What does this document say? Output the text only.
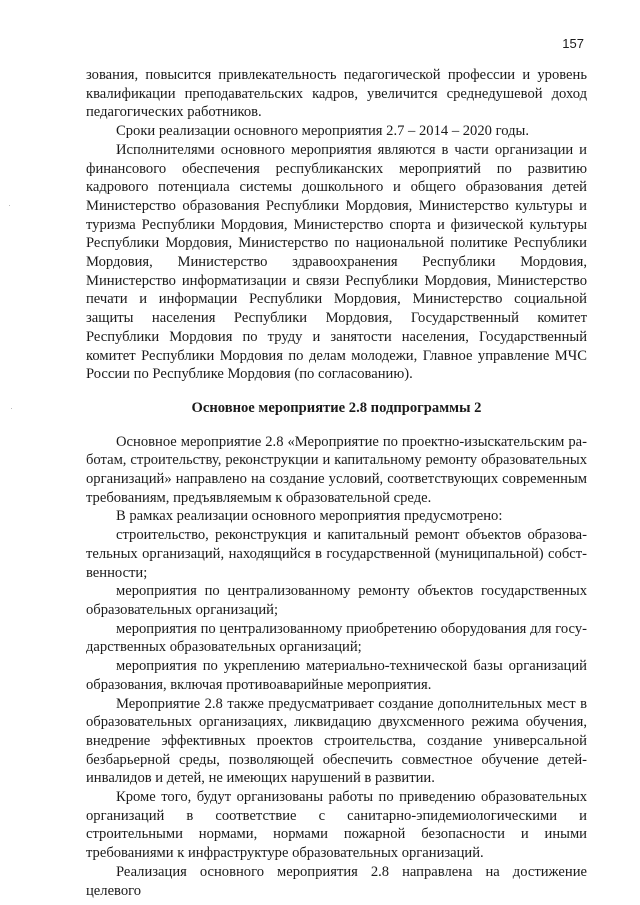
157

зования, повысится привлекательность педагогической профессии и уровень квалификации преподавательских кадров, увеличится среднедушевой доход педагогических работников.

Сроки реализации основного мероприятия 2.7 – 2014 – 2020 годы.

Исполнителями основного мероприятия являются в части организации и финансового обеспечения республиканских мероприятий по развитию кадрового потенциала системы дошкольного и общего образования детей Министерство образования Республики Мордовия, Министерство культуры и туризма Республики Мордовия, Министерство спорта и физической культуры Республики Мордовия, Министерство по национальной политике Республики Мордовия, Министерство здравоохранения Республики Мордовия, Министерство информатизации и связи Республики Мордовия, Министерство печати и информации Республики Мордовия, Министерство социальной защиты населения Республики Мордовия, Государственный комитет Республики Мордовия по труду и занятости населения, Государственный комитет Республики Мордовия по делам молодежи, Главное управление МЧС России по Республике Мордовия (по согласованию).

Основное мероприятие 2.8 подпрограммы 2

Основное мероприятие 2.8 «Мероприятие по проектно-изыскательским работам, строительству, реконструкции и капитальному ремонту образовательных организаций» направлено на создание условий, соответствующих современным требованиям, предъявляемым к образовательной среде.

В рамках реализации основного мероприятия предусмотрено:

строительство, реконструкция и капитальный ремонт объектов образовательных организаций, находящийся в государственной (муниципальной) собственности;

мероприятия по централизованному ремонту объектов государственных образовательных организаций;

мероприятия по централизованному приобретению оборудования для государственных образовательных организаций;

мероприятия по укреплению материально-технической базы организаций образования, включая противоаварийные мероприятия.

Мероприятие 2.8 также предусматривает создание дополнительных мест в образовательных организациях, ликвидацию двухсменного режима обучения, внедрение эффективных проектов строительства, создание универсальной безбарьерной среды, позволяющей обеспечить совместное обучение детей-инвалидов и детей, не имеющих нарушений в развитии.

Кроме того, будут организованы работы по приведению образовательных организаций в соответствие с санитарно-эпидемиологическими и строительными нормами, нормами пожарной безопасности и иными требованиями к инфраструктуре образовательных организаций.

Реализация основного мероприятия 2.8 направлена на достижение целевого
